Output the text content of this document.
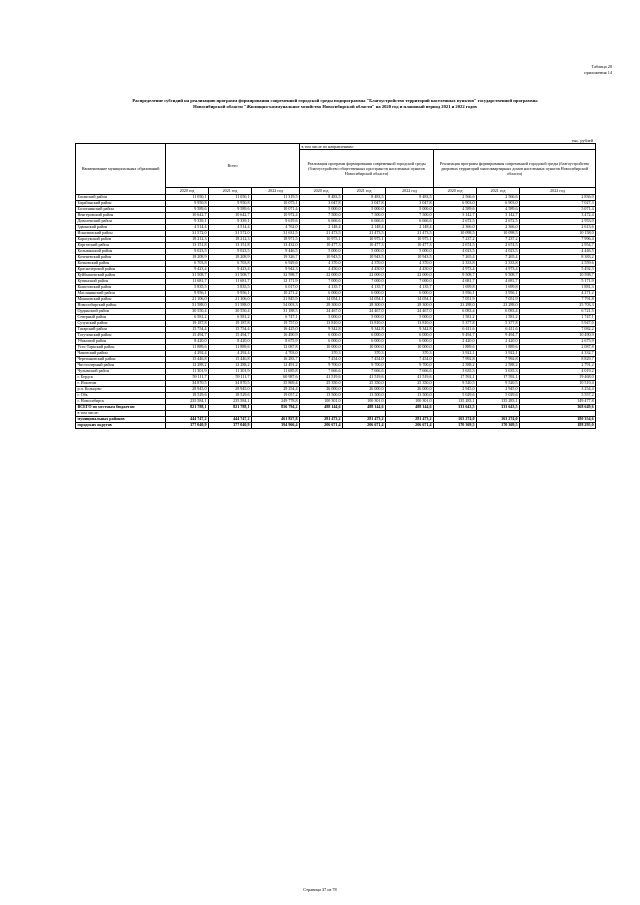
Таблица 20
приложения 14
Распределение субсидий на реализацию программ формирования современной городской среды подпрограммы "Благоустройство территорий населенных пунктов" государственной программы
Новосибирской области "Жилищно-коммунальное хозяйство Новосибирской области" на 2020 год и плановый период 2021 и 2022 годов
тыс. рублей
Наименование муниципальных образований	Всего			в том числе по направлениям:					
				Реализация программ формирования современной городской среды (благоустройство общественных пространств населенных пунктов Новосибирской области)			Реализация программ формирования современной городской среды (благоустройство дворовых территорий многоквартирных домов населенных пунктов Новосибирской области)		
	2020 год	2021 год	2022 год	2020 год	2021 год	2022 год	2020 год	2021 год	2022 год
Баганский район	11 050,1	11 050,1	11 319,5	8 483,5	8 483,5	8 483,5	2 566,6	2 566,6	2 836,0
Барабинский район	9 950,8	9 950,8	10 075,1	3 047,8	3 047,8	3 047,8	6 903,0	6 903,0	7 027,3
Болотнинский район	9 589,6	9 589,6	10 071,4	5 000,0	5 000,0	5 000,0	4 589,6	4 589,6	5 071,4
Венгеровский район	10 642,7	10 642,7	10 972,4	7 500,0	7 500,0	7 500,0	3 142,7	3 142,7	3 472,4
Доволенский район	9 339,1	9 339,1	9 619,6	6 666,6	6 666,6	6 666,6	2 672,5	2 672,5	2 953,0
Здвинский район	4 514,4	4 514,4	4 762,0	2 148,4	2 148,4	2 148,4	2 366,0	2 366,0	2 613,6
Искитимский район	31 572,0	31 572,0	31 631,5	21 473,5	21 473,5	21 473,5	10 098,5	10 098,5	10 158,0
Карасукский район	18 212,3	18 212,3	18 971,5	10 975,1	10 975,1	10 975,1	7 237,2	7 237,2	7 996,4
Каргатский район	13 151,8	13 151,8	13 432,0	10 477,3	10 477,3	10 477,3	2 674,5	2 674,5	2 954,7
Колыванский район	9 023,5	9 023,5	9 446,5	5 000,0	5 000,0	5 000,0	4 023,5	4 023,5	4 446,5
Коченевский район	18 208,9	18 208,9	19 326,7	10 943,5	10 943,5	10 943,5	7 265,4	7 265,4	8 383,2
Кочковский район	6 703,8	6 703,8	6 929,6	4 370,0	4 370,0	4 370,0	2 333,8	2 333,8	2 559,6
Краснозерский район	9 423,4	9 423,4	9 942,3	4 450,0	4 450,0	4 450,0	4 973,4	4 973,4	5 492,3
Куйбышевский район	31 508,7	31 508,7	32 598,7	22 000,0	22 000,0	22 000,0	9 508,7	9 508,7	10 598,7
Купинский район	11 681,7	11 681,7	12 171,9	7 000,0	7 000,0	7 000,0	4 681,7	4 681,7	5 171,9
Кыштовский район	5 835,5	5 835,5	6 017,0	4 135,7	4 135,7	4 135,7	1 699,8	1 699,8	1 881,3
Маслянинский район	9 956,1	9 956,1	10 271,2	6 000,0	6 000,0	6 000,0	3 956,1	3 956,1	4 271,2
Мошковский район	21 106,0	21 106,0	21 845,9	14 054,1	14 054,1	14 054,1	7 051,9	7 051,9	7 791,8
Новосибирский район	51 588,0	51 588,0	54 003,3	28 300,0	28 300,0	28 300,0	23 288,0	23 288,0	25 703,3
Ордынский район	30 550,4	30 550,4	31 188,5	24 467,0	24 467,0	24 467,0	6 083,4	6 083,4	6 721,5
Северный район	6 581,2	6 581,2	6 747,1	5 000,0	5 000,0	5 000,0	1 581,2	1 581,2	1 747,1
Сузунский район	19 187,8	19 187,8	19 757,0	13 810,0	13 810,0	13 810,0	5 377,8	5 377,8	5 947,0
Татарский район	15 754,4	15 754,4	16 425,0	9 342,8	9 342,8	9 342,8	6 411,6	6 411,6	7 082,2
Тогучинский район	15 494,7	15 494,7	16 490,9	6 000,0	6 000,0	6 000,0	9 494,7	9 494,7	10 490,9
Убинский район	8 420,0	8 420,0	8 675,9	6 000,0	6 000,0	6 000,0	2 420,0	2 420,0	2 675,9
Усть-Таркский район	11 889,6	11 889,6	12 087,8	10 000,0	10 000,0	10 000,0	1 889,6	1 889,6	2 087,8
Чановский район	4 292,4	4 292,4	4 703,0	370,3	370,3	370,3	3 922,1	3 922,1	4 332,7
Черепановский район	15 446,8	15 446,8	16 283,7	7 454,0	7 454,0	7 454,0	7 992,8	7 992,8	8 829,7
Чистоозерный район	12 288,2	12 288,2	12 491,2	9 700,0	9 700,0	9 700,0	2 588,2	2 588,2	2 791,2
Чулымский район	11 301,9	11 301,9	11 685,8	7 666,6	7 666,6	7 666,6	3 635,3	3 635,3	4 019,2
г. Бердск	59 111,7	59 111,7	60 987,6	41 519,6	41 519,6	41 519,6	17 592,1	17 592,1	19 468,0
г. Искитим	34 870,5	34 870,5	35 869,4	25 350,0	25 350,0	25 350,0	9 520,5	9 520,5	10 519,4
р.п. Кольцово	28 945,0	28 945,0	29 254,4	26 000,0	26 000,0	26 000,0	2 945,0	2 945,0	3 254,4
г. Обь	18 529,6	18 529,6	19 057,2	13 500,0	13 500,0	13 500,0	5 029,6	5 029,6	5 557,2
г. Новосибирск	235 584,1	235 584,1	249 778,8	100 301,0	100 301,0	100 301,0	135 283,1	135 283,1	149 477,8
ВСЕГО по местным бюджетам	821 788,1	821 788,1	856 794,2	488 144,6	488 144,6	488 144,6	333 643,5	333 643,5	368 649,6
в том числе:									
муниципальных районов	444 747,2	444 747,2	461 827,8	281 473,2	281 473,2	281 473,2	163 274,0	163 274,0	180 354,6
городских округов	377 040,9	377 040,9	394 966,4	206 671,4	206 671,4	206 671,4	170 369,5	170 369,5	188 295,0
Страница 37 из 78
